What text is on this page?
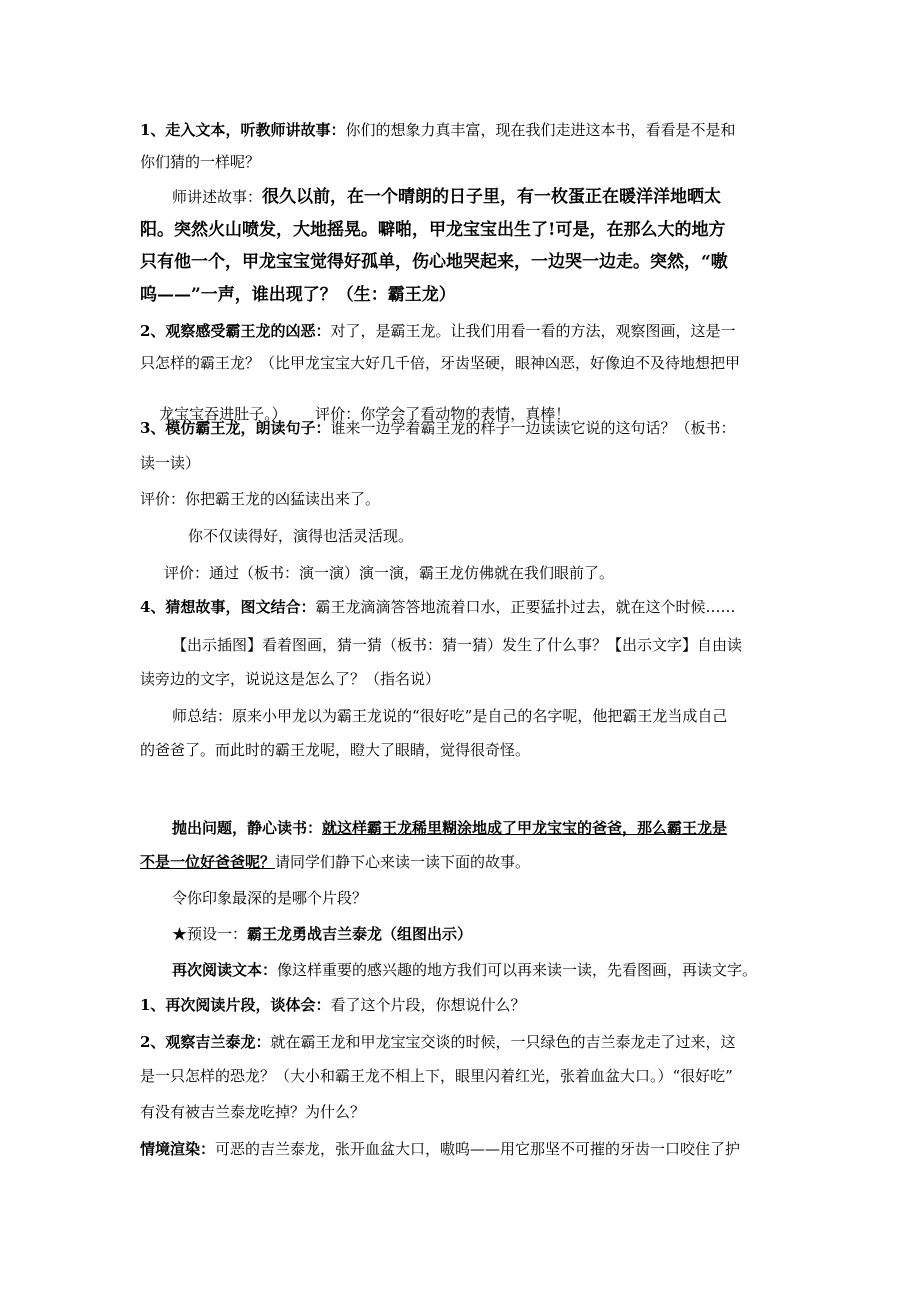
1、走入文本，听教师讲故事：你们的想象力真丰富，现在我们走进这本书，看看是不是和
你们猜的一样呢？
师讲述故事：很久以前，在一个晴朗的日子里，有一枚蛋正在暖洋洋地晒太
阳。突然火山喷发，大地摇晃。噼啪，甲龙宝宝出生了!可是，在那么大的地方
只有他一个，甲龙宝宝觉得好孤单，伤心地哭起来，一边哭一边走。突然，“嗷
呜——”一声，谁出现了？（生：霸王龙）
2、观察感受霸王龙的凶恶：对了，是霸王龙。让我们用看一看的方法，观察图画，这是一
只怎样的霸王龙？（比甲龙宝宝大好几千倍，牙齿坚硬，眼神凶恶，好像迫不及待地想把甲

龙宝宝吞进肚子。）      评价：你学会了看动物的表情，真棒！

3、模仿霸王龙，朗读句子：谁来一边学着霸王龙的样子一边读读它说的这句话？（板书：
读一读）
评价：你把霸王龙的凶猛读出来了。
你不仅读得好，演得也活灵活现。
评价：通过（板书：演一演）演一演，霸王龙仿佛就在我们眼前了。
4、猜想故事，图文结合：霸王龙滴滴答答地流着口水，正要猛扑过去，就在这个时候……
【出示插图】看着图画，猜一猜（板书：猜一猜）发生了什么事？【出示文字】自由读
读旁边的文字，说说这是怎么了？（指名说）
师总结：原来小甲龙以为霸王龙说的“很好吃”是自己的名字呢，他把霸王龙当成自己
的爸爸了。而此时的霸王龙呢，瞪大了眼睛，觉得很奇怪。
抛出问题，静心读书：就这样霸王龙稀里糊涂地成了甲龙宝宝的爸爸，那么霸王龙是
不是一位好爸爸呢？请同学们静下心来读一读下面的故事。
令你印象最深的是哪个片段？
★预设一：霸王龙勇战吉兰泰龙（组图出示）
再次阅读文本：像这样重要的感兴趣的地方我们可以再来读一读，先看图画，再读文字。
1、再次阅读片段，谈体会：看了这个片段，你想说什么？
2、观察吉兰泰龙：就在霸王龙和甲龙宝宝交谈的时候，一只绿色的吉兰泰龙走了过来，这
是一只怎样的恐龙？（大小和霸王龙不相上下，眼里闪着红光，张着血盆大口。）“很好吃”
有没有被吉兰泰龙吃掉？为什么？
情境渲染：可恶的吉兰泰龙，张开血盆大口，嗷呜——用它那坚不可摧的牙齿一口咬住了护
